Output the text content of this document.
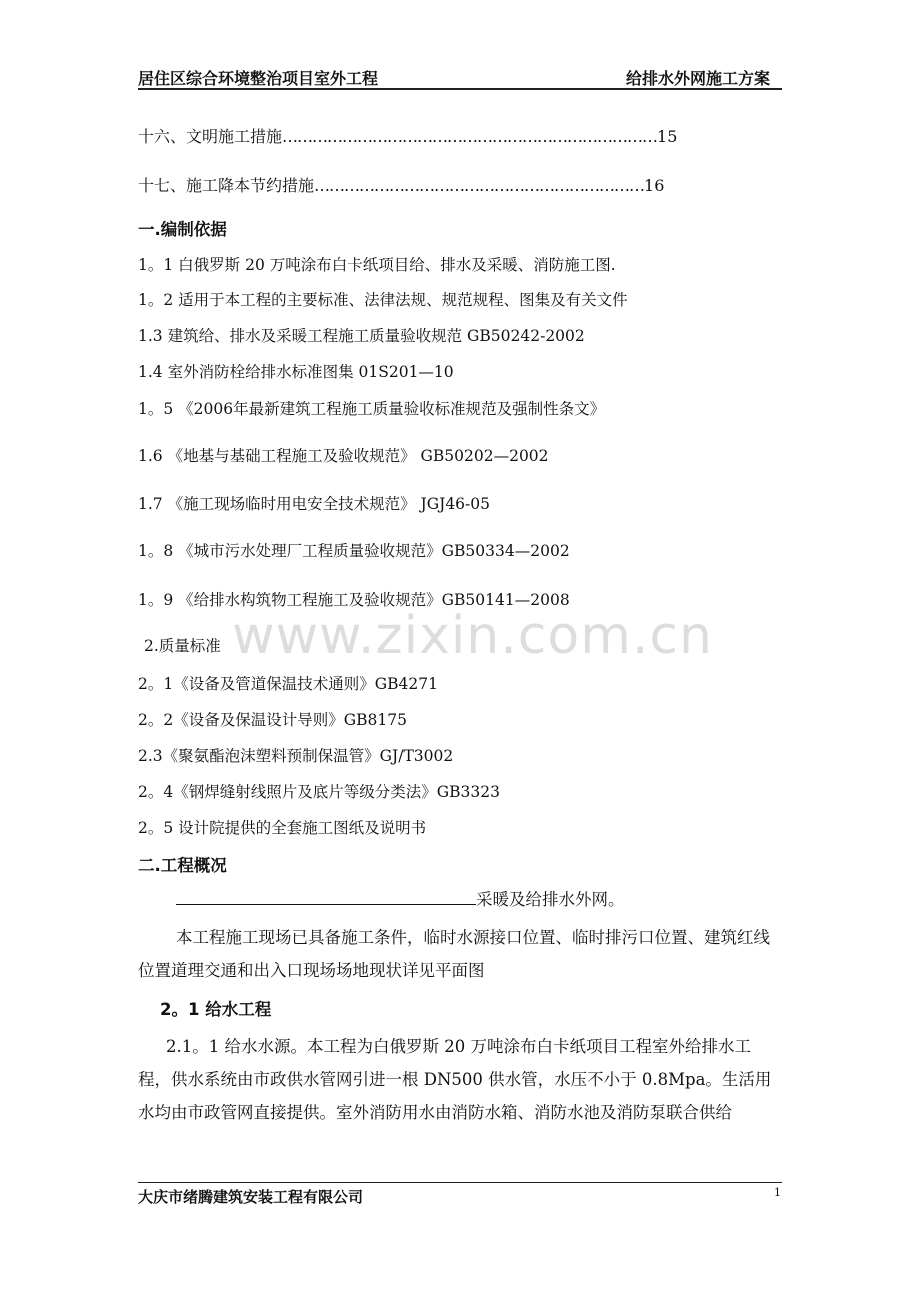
居住区综合环境整治项目室外工程	给排水外网施工方案
十六、文明施工措施…………………………………………………………………15
十七、施工降本节约措施…………………………………………………………16
一.编制依据
1。1 白俄罗斯 20 万吨涂布白卡纸项目给、排水及采暖、消防施工图.
1。2 适用于本工程的主要标准、法律法规、规范规程、图集及有关文件
1.3 建筑给、排水及采暖工程施工质量验收规范 GB50242-2002
1.4 室外消防栓给排水标准图集 01S201—10
1。5 《2006年最新建筑工程施工质量验收标准规范及强制性条文》
1.6 《地基与基础工程施工及验收规范》 GB50202—2002
1.7 《施工现场临时用电安全技术规范》 JGJ46-05
1。8 《城市污水处理厂工程质量验收规范》GB50334—2002
1。9 《给排水构筑物工程施工及验收规范》GB50141—2008
www.zixin.com.cn
2.质量标准
2。1《设备及管道保温技术通则》GB4271
2。2《设备及保温设计导则》GB8175
2.3《聚氨酯泡沫塑料预制保温管》GJ/T3002
2。4《钢焊缝射线照片及底片等级分类法》GB3323
2。5 设计院提供的全套施工图纸及说明书
二.工程概况
采暖及给排水外网。
本工程施工现场已具备施工条件，临时水源接口位置、临时排污口位置、建筑红线位置道理交通和出入口现场场地现状详见平面图
2。1 给水工程
2.1。1 给水水源。本工程为白俄罗斯 20 万吨涂布白卡纸项目工程室外给排水工程，供水系统由市政供水管网引进一根 DN500 供水管，水压不小于 0.8Mpa。生活用水均由市政管网直接提供。室外消防用水由消防水箱、消防水池及消防泵联合供给
大庆市绪腾建筑安装工程有限公司	1
